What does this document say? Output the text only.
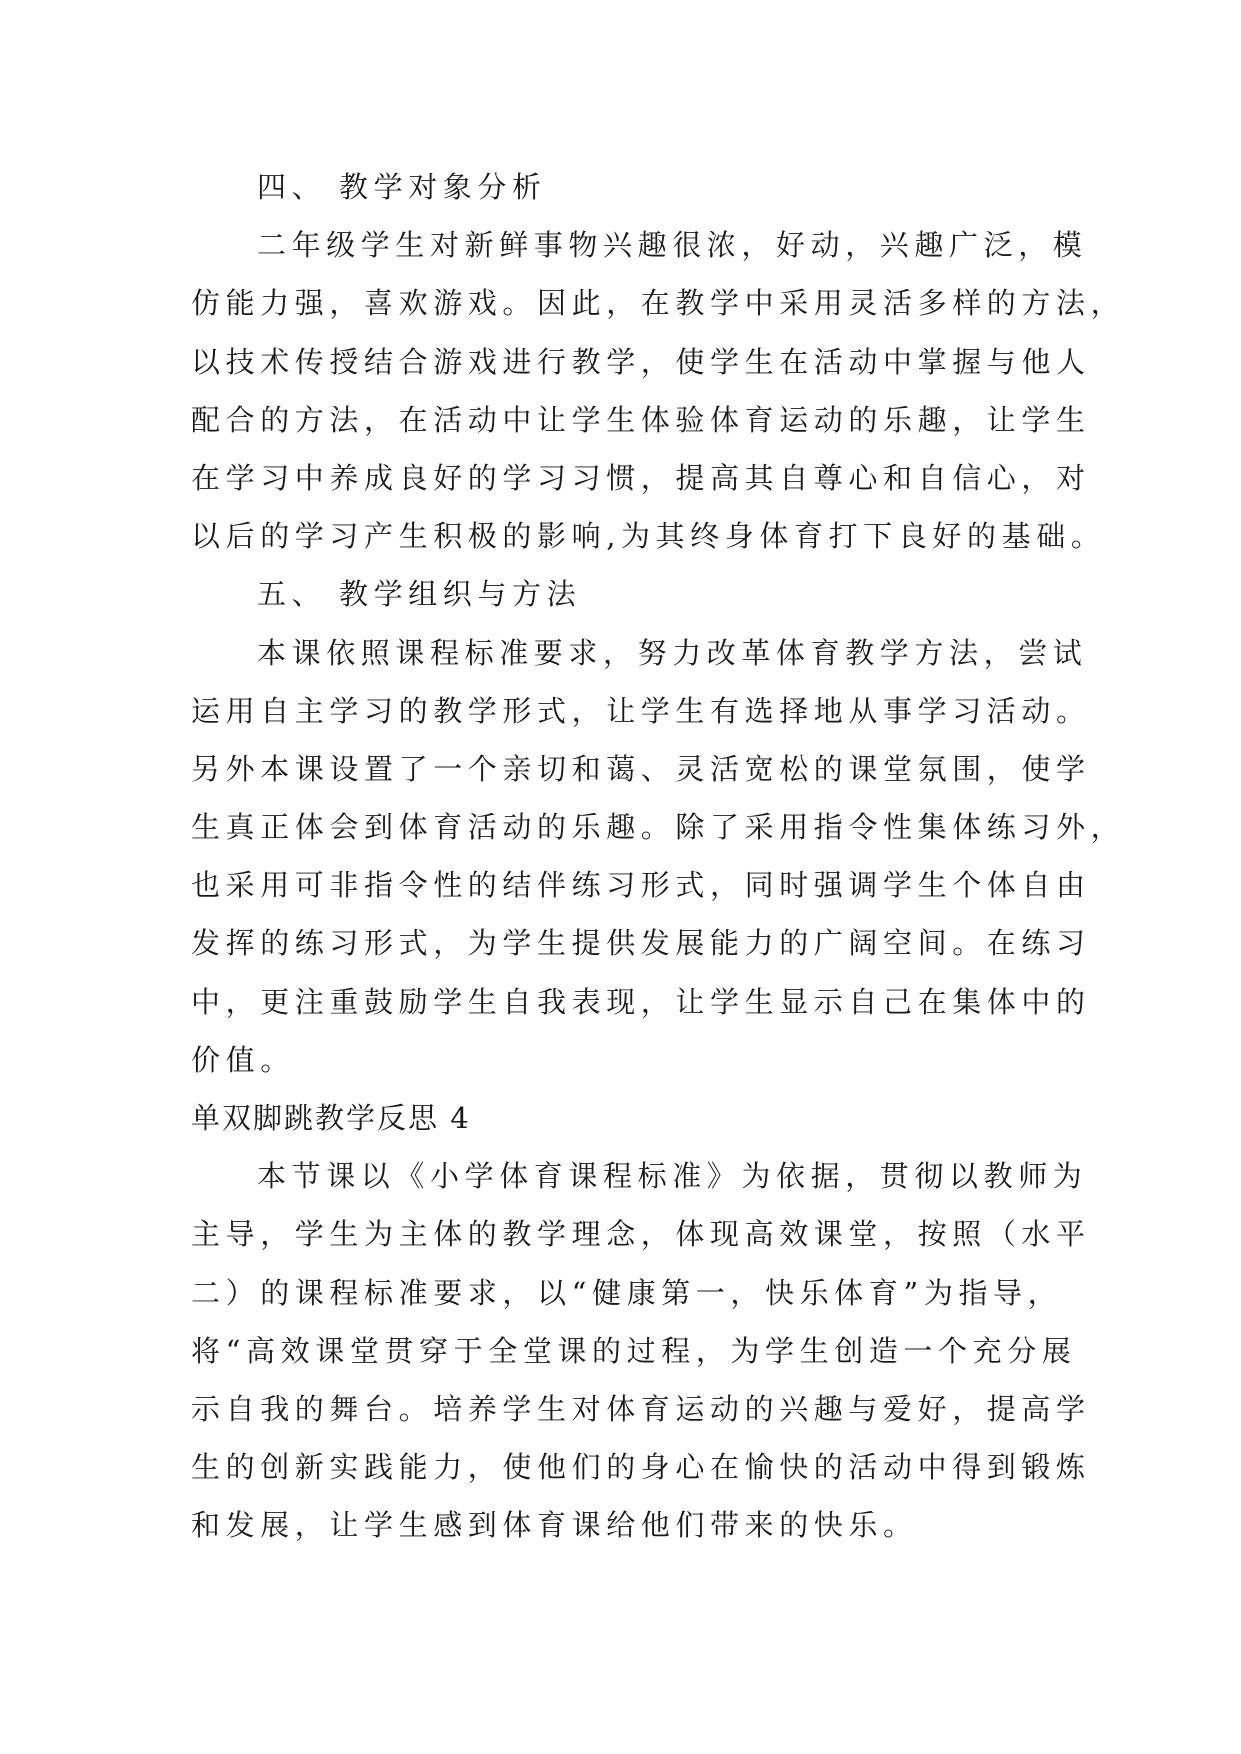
四、 教学对象分析
二年级学生对新鲜事物兴趣很浓，好动，兴趣广泛，模
仿能力强，喜欢游戏。因此，在教学中采用灵活多样的方法，
以技术传授结合游戏进行教学，使学生在活动中掌握与他人
配合的方法，在活动中让学生体验体育运动的乐趣，让学生
在学习中养成良好的学习习惯，提高其自尊心和自信心，对
以后的学习产生积极的影响,为其终身体育打下良好的基础。
五、 教学组织与方法
本课依照课程标准要求，努力改革体育教学方法，尝试
运用自主学习的教学形式，让学生有选择地从事学习活动。
另外本课设置了一个亲切和蔼、灵活宽松的课堂氛围，使学
生真正体会到体育活动的乐趣。除了采用指令性集体练习外，
也采用可非指令性的结伴练习形式，同时强调学生个体自由
发挥的练习形式，为学生提供发展能力的广阔空间。在练习
中，更注重鼓励学生自我表现，让学生显示自己在集体中的
价值。
单双脚跳教学反思 4
本节课以《小学体育课程标准》为依据，贯彻以教师为
主导，学生为主体的教学理念，体现高效课堂，按照（水平
二）的课程标准要求，以“健康第一，快乐体育”为指导，
将“高效课堂贯穿于全堂课的过程，为学生创造一个充分展
示自我的舞台。培养学生对体育运动的兴趣与爱好，提高学
生的创新实践能力，使他们的身心在愉快的活动中得到锻炼
和发展，让学生感到体育课给他们带来的快乐。
